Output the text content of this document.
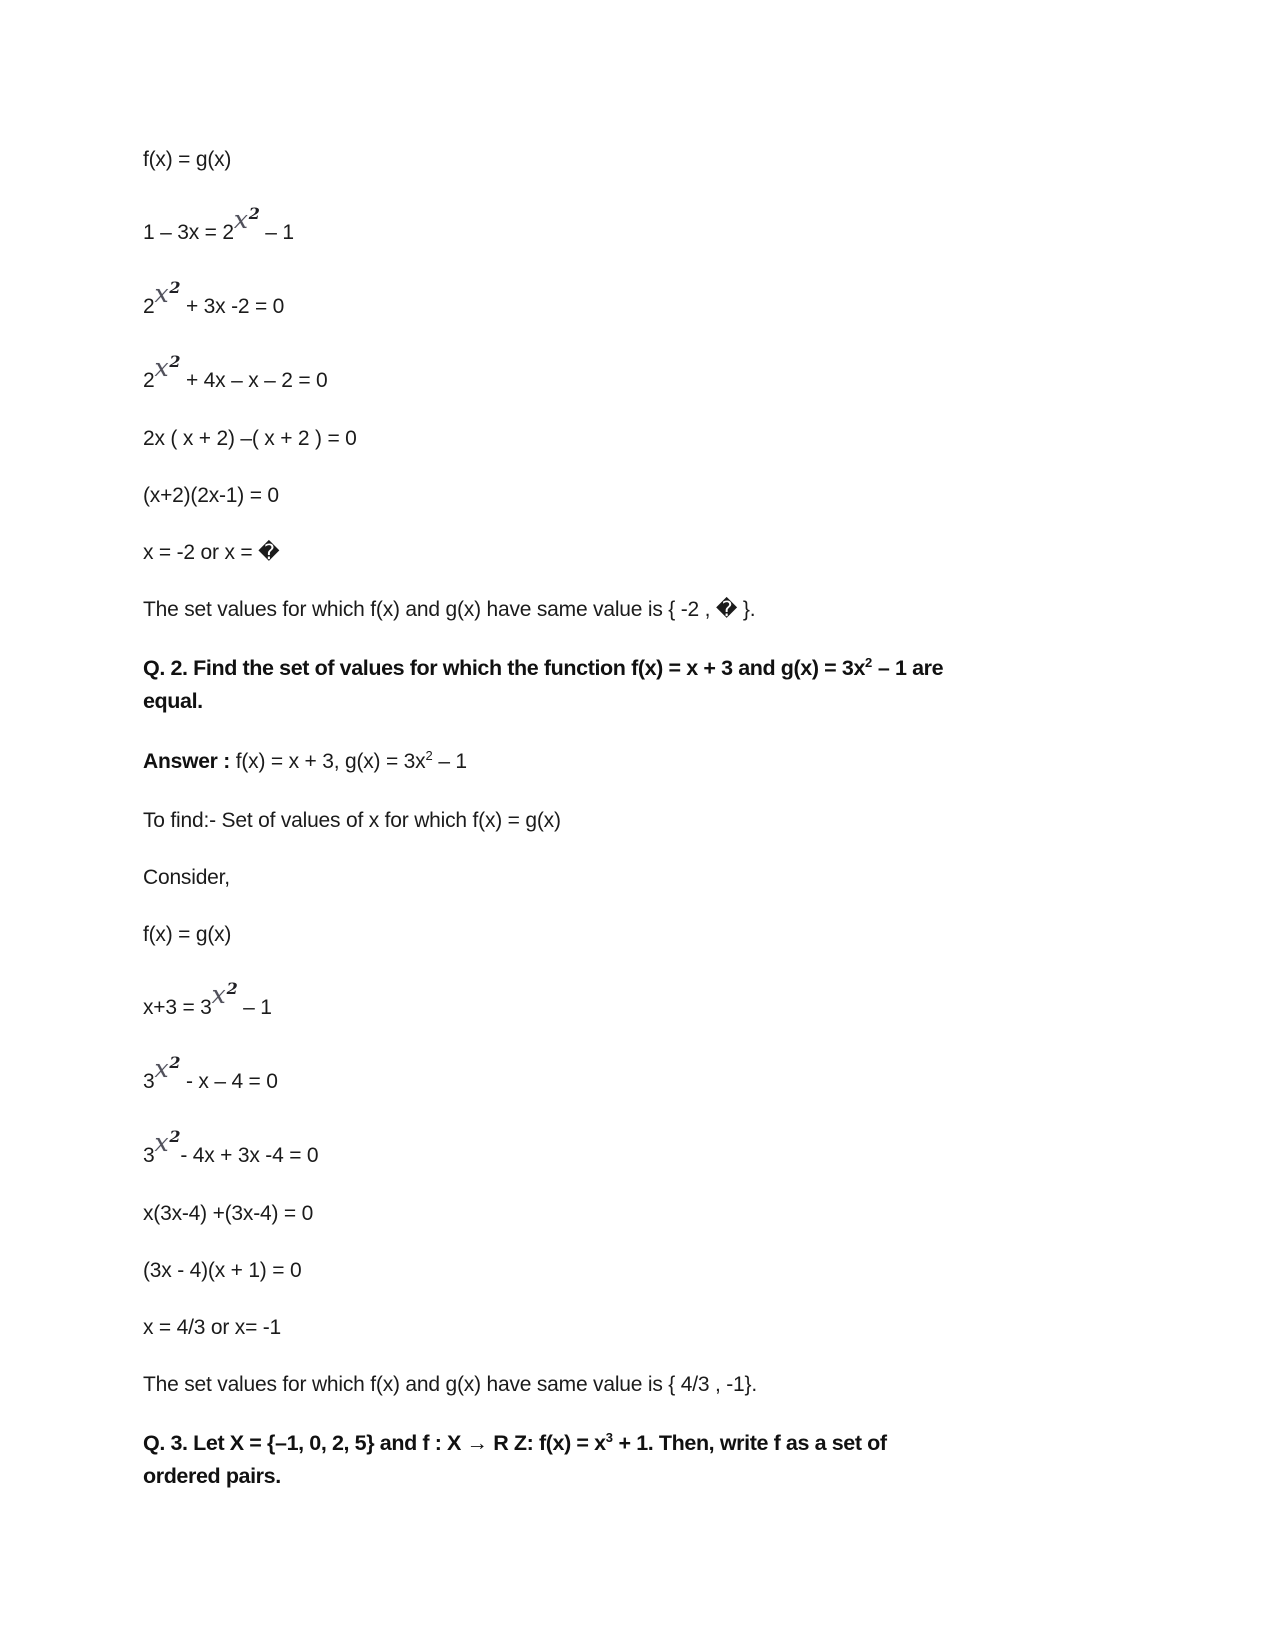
f(x) = g(x)

$1 - 3x = 2x^2 - 1$

$2x^2 + 3x$ -2 = 0

$2x^2 + 4x - x - 2 = 0$

2x ( x + 2) –( x + 2 ) = 0

(x+2)(2x-1) = 0

x = -2 or x = �

The set values for which f(x) and g(x) have same value is { -2 , � }.

Q. 2. Find the set of values for which the function f(x) = x + 3 and $g(x) = 3x^2 - 1$ are
equal.

Answer : f(x) = x + 3, $g(x) = 3x^2 - 1$

To find:- Set of values of x for which f(x) = g(x)

Consider,

f(x) = g(x)

$x+3 = 3x^2 - 1$

$3x^2 - x - 4 = 0$

$3x^2-$ 4x + 3x -4 = 0

x(3x-4) +(3x-4) = 0

(3x - 4)(x + 1) = 0

x = 4/3 or x= -1

The set values for which f(x) and g(x) have same value is { 4/3 , -1}.

Q. 3. Let X = {–1, 0, 2, 5} and f : X → R Z: $f(x) = x^3 + 1$. Then, write f as a set of
ordered pairs.
